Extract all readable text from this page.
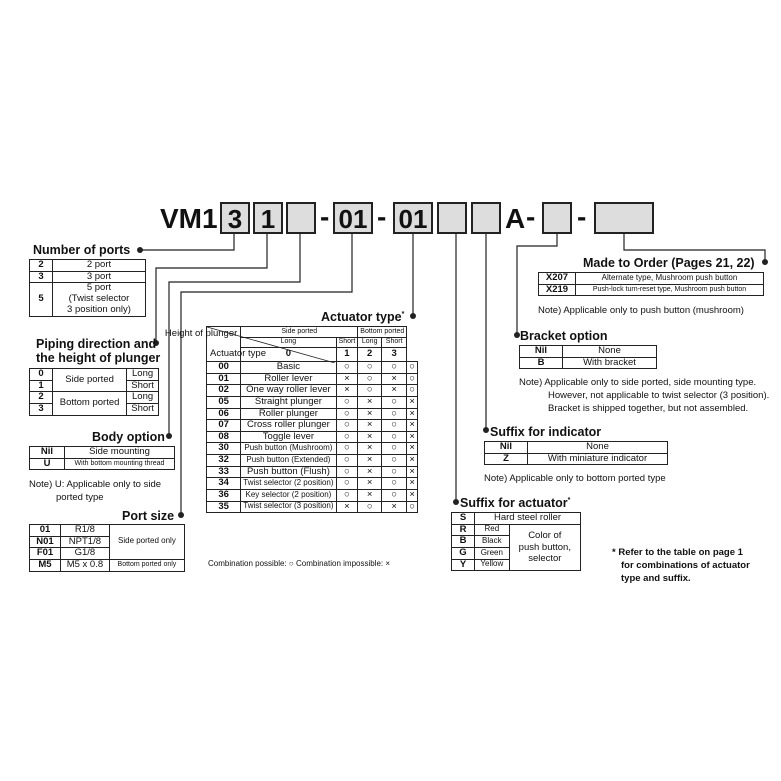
VM1 3 1 - 01 - 01	A - -
Number of ports
2	2 port
3	3 port
5	5 port
(Twist selector
3 position only)
Piping direction and
the height of plunger
0	Side ported	Long
1		Short
2	Bottom ported	Long
3		Short
Body option
Nil	Side mounting
U	With bottom mounting thread
Note) U: Applicable only to side
ported type
Port size
01	R1/8	Side ported only
N01	NPT1/8	
F01	G1/8	
M5	M5 x 0.8	Bottom ported only
Actuator type*
Height of plunger
Actuator type	Side ported		Bottom ported		
	Long	Short	Long	Short	
	0	1	2	3	
00	Basic	○	○	○	○
01	Roller lever	×	○	×	○
02	One way roller lever	×	○	×	○
05	Straight plunger	○	×	○	×
06	Roller plunger	○	×	○	×
07	Cross roller plunger	○	×	○	×
08	Toggle lever	○	×	○	×
30	Push button (Mushroom)	○	×	○	×
32	Push button (Extended)	○	×	○	×
33	Push button (Flush)	○	×	○	×
34	Twist selector (2 position)	○	×	○	×
36	Key selector (2 position)	○	×	○	×
35	Twist selector (3 position)	×	○	×	○
Combination possible: ○ Combination impossible: ×
Suffix for actuator*
S	Hard steel roller	
R	Red	Color of
push button,
selector
B	Black	
G	Green	
Y	Yellow	
Suffix for indicator
Nil	None
Z	With miniature indicator
Note) Applicable only to bottom ported type
Bracket option
Nil	None
B	With bracket
Note) Applicable only to side ported, side mounting type.
However, not applicable to twist selector (3 position).
Bracket is shipped together, but not assembled.
Made to Order (Pages 21, 22)
X207	Alternate type, Mushroom push button
X219	Push-lock turn-reset type, Mushroom push button
Note) Applicable only to push button (mushroom)
* Refer to the table on page 1
for combinations of actuator
type and suffix.
